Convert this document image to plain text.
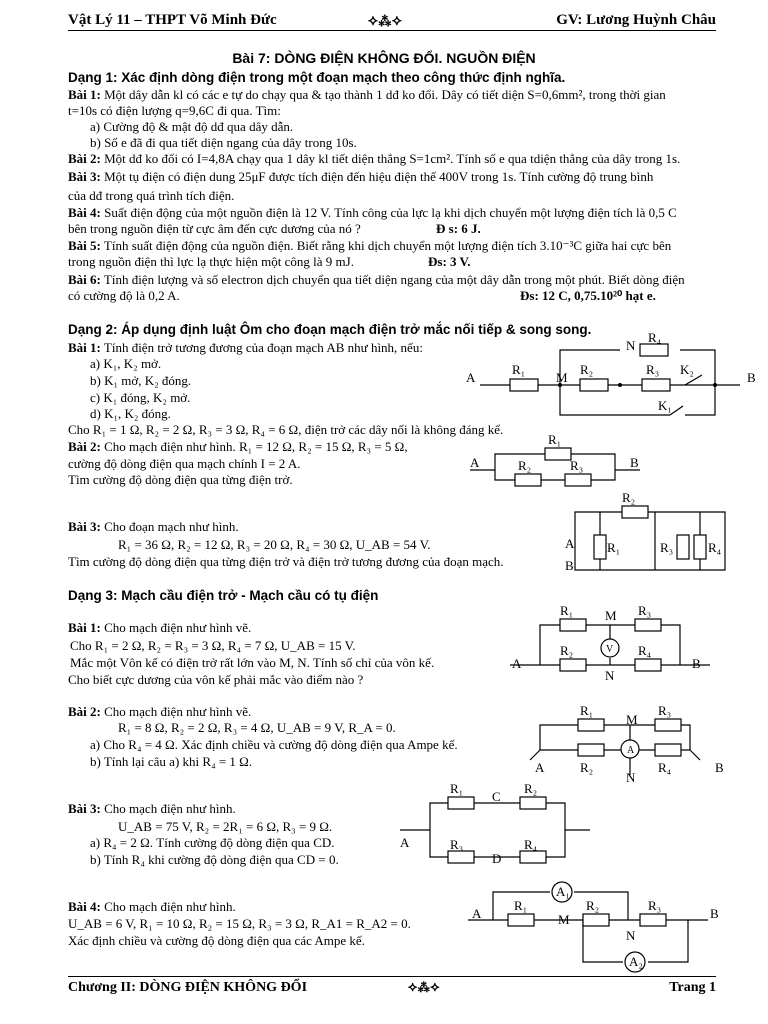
Vật Lý 11 – THPT Võ Minh Đức	⟡⁂⟡	GV: Lương Huỳnh Châu
Bài 7: DÒNG ĐIỆN KHÔNG ĐỔI. NGUỒN ĐIỆN
Dạng 1: Xác định dòng điện trong một đoạn mạch theo công thức định nghĩa.
Bài 1: Một dây dẫn kl có các e tự do chạy qua & tạo thành 1 dđ ko đổi. Dây có tiết diện S=0,6mm², trong thời gian
t=10s có điện lượng q=9,6C đi qua. Tìm:
a) Cường độ & mật độ dđ qua dây dẫn.
b) Số e đã đi qua tiết diện ngang của dây trong 10s.
Bài 2: Một dđ ko đổi có I=4,8A chạy qua 1 dây kl tiết diện thẳng S=1cm². Tính số e qua tdiện thẳng của dây trong 1s.
Bài 3: Một tụ điện có điện dung 25μF được tích điện đến hiệu điện thế 400V trong 1s. Tính cường độ trung bình
của dđ trong quá trình tích điện.
Bài 4: Suất điện động của một nguồn điện là 12 V. Tính công của lực lạ khi dịch chuyển một lượng điện tích là 0,5 C
bên trong nguồn điện từ cực âm đến cực dương của nó ?	Đ s: 6 J.
Bài 5: Tính suất điện động của nguồn điện. Biết rằng khi dịch chuyển một lượng điện tích 3.10⁻³C giữa hai cực bên
trong nguồn điện thì lực lạ thực hiện một công là 9 mJ.	Đs: 3 V.
Bài 6: Tính điện lượng và số electron dịch chuyển qua tiết diện ngang của một dây dẫn trong một phút. Biết dòng điện
có cường độ là 0,2 A.	Đs: 12 C, 0,75.10²⁰ hạt e.
Dạng 2: Áp dụng định luật Ôm cho đoạn mạch điện trở mắc nối tiếp & song song.
Bài 1: Tính điện trở tương đương của đoạn mạch AB như hình, nếu:
a) K₁, K₂ mở.
b) K₁ mở, K₂ đóng.
c) K₁ đóng, K₂ mở.
d) K₁, K₂ đóng.
Cho R₁ = 1 Ω, R₂ = 2 Ω, R₃ = 3 Ω, R₄ = 6 Ω, điện trở các dây nối là không đáng kể.
Bài 2: Cho mạch điện như hình. R₁ = 12 Ω, R₂ = 15 Ω, R₃ = 5 Ω,
cường độ dòng điện qua mạch chính I = 2 A.
Tìm cường độ dòng điện qua từng điện trở.
Bài 3: Cho đoạn mạch như hình.
R₁ = 36 Ω, R₂ = 12 Ω, R₃ = 20 Ω, R₄ = 30 Ω, U_AB = 54 V.
Tìm cường độ dòng điện qua từng điện trở và điện trở tương đương của đoạn mạch.
Dạng 3: Mạch cầu điện trở - Mạch cầu có tụ điện
Bài 1: Cho mạch điện như hình vẽ.
Cho R₁ = 2 Ω, R₂ = R₃ = 3 Ω, R₄ = 7 Ω, U_AB = 15 V.
Mắc một Vôn kế có điện trở rất lớn vào M, N. Tính số chỉ của vôn kế.
Cho biết cực dương của vôn kế phải mắc vào điểm nào ?
Bài 2: Cho mạch điện như hình vẽ.
R₁ = 8 Ω, R₂ = 2 Ω, R₃ = 4 Ω, U_AB = 9 V, R_A = 0.
a) Cho R₄ = 4 Ω. Xác định chiều và cường độ dòng điện qua Ampe kế.
b) Tính lại câu a) khi R₄ = 1 Ω.
Bài 3: Cho mạch điện như hình.
U_AB = 75 V, R₂ = 2R₁ = 6 Ω, R₃ = 9 Ω.
a) R₄ = 2 Ω. Tính cường độ dòng điện qua CD.
b) Tính R₄ khi cường độ dòng điện qua CD = 0.
Bài 4: Cho mạch điện như hình.
U_AB = 6 V, R₁ = 10 Ω, R₂ = 15 Ω, R₃ = 3 Ω, R_A1 = R_A2 = 0.
Xác định chiều và cường độ dòng điện qua các Ampe kế.
A	B
M
N
R₁	R₂	R₃
R₄
K₂
K₁
A	B
R₁
R₂	R₃
A
B
R₂
R₁	R₃	R₄
V
A	B
M
N
R₁	R₃
R₂	R₄
A
A	B
M
N
R₁	R₃
R₂	R₄
A
R₁	R₂
C
R₃	R₄
D
A₁
A₂
A	B
M
N
R₁	R₂	R₃
Chương II: DÒNG ĐIỆN KHÔNG ĐỔI	⟡⁂⟡	Trang 1
